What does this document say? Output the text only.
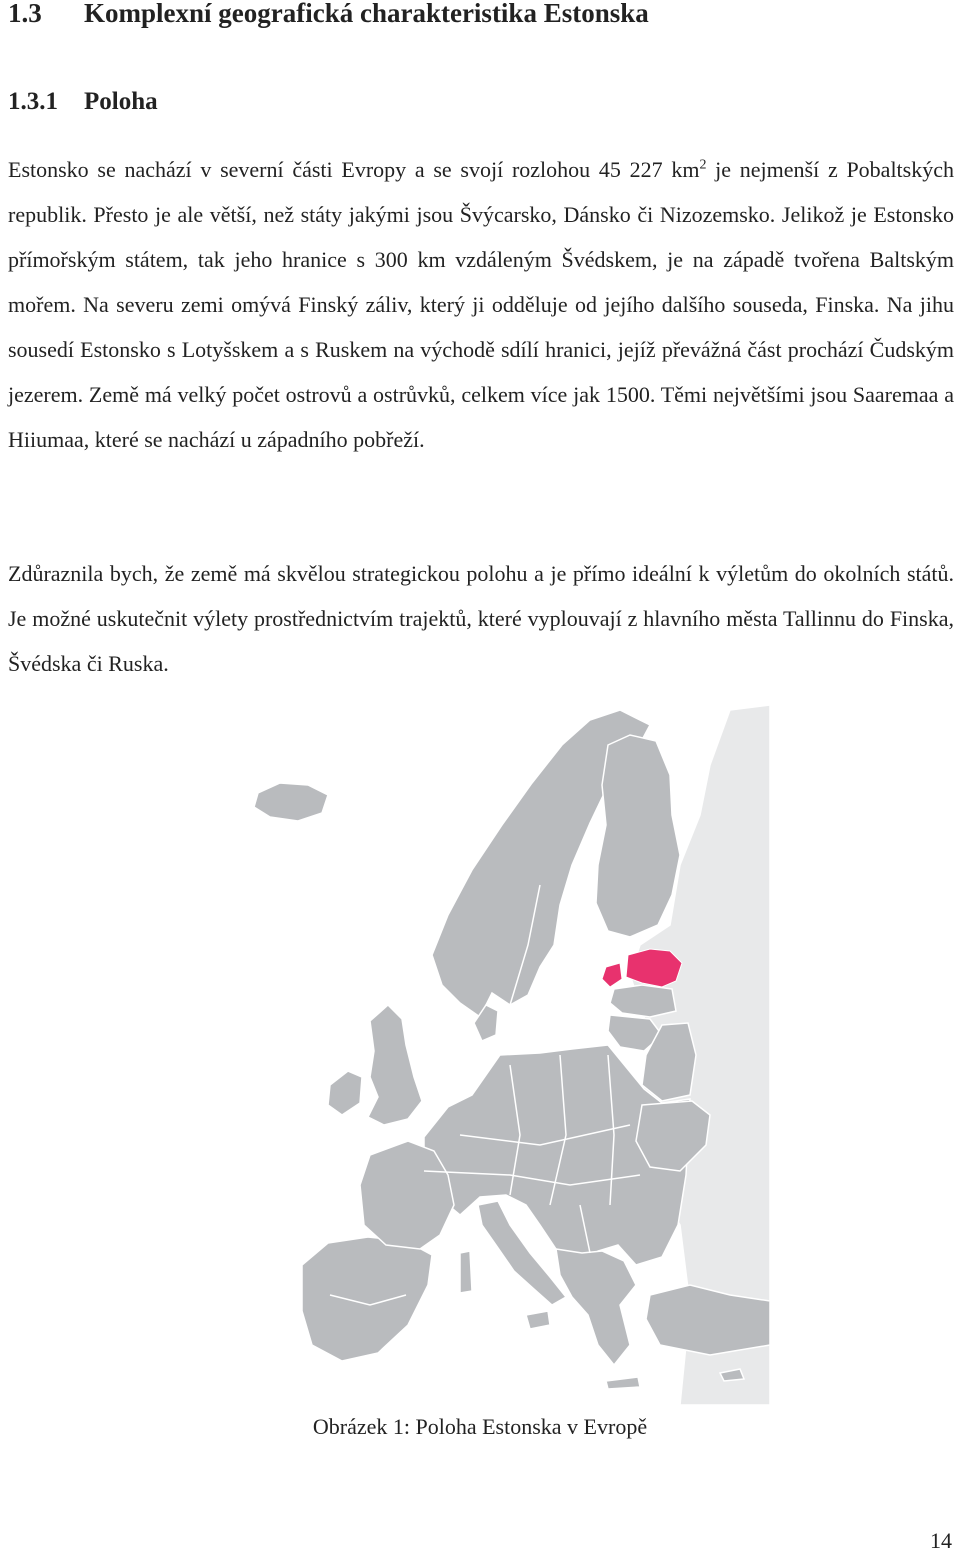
1.3 Komplexní geografická charakteristika Estonska
1.3.1 Poloha

Estonsko se nachází v severní části Evropy a se svojí rozlohou 45 227 $km^2$ je nejmenší z Pobaltských republik. Přesto je ale větší, než státy jakými jsou Švýcarsko, Dánsko či Nizozemsko. Jelikož je Estonsko přímořským státem, tak jeho hranice s 300 km vzdáleným Švédskem, je na západě tvořena Baltským mořem. Na severu zemi omývá Finský záliv, který ji odděluje od jejího dalšího souseda, Finska. Na jihu sousedí Estonsko s Lotyšskem a s Ruskem na východě sdílí hranici, jejíž převážná část prochází Čudským jezerem. Země má velký počet ostrovů a ostrůvků, celkem více jak 1500. Těmi největšími jsou Saaremaa a Hiiumaa, které se nachází u západního pobřeží.

Zdůraznila bych, že země má skvělou strategickou polohu a je přímo ideální k výletům do okolních států. Je možné uskutečnit výlety prostřednictvím trajektů, které vyplouvají z hlavního města Tallinnu do Finska, Švédska či Ruska.

Obrázek 1: Poloha Estonska v Evropě

14
